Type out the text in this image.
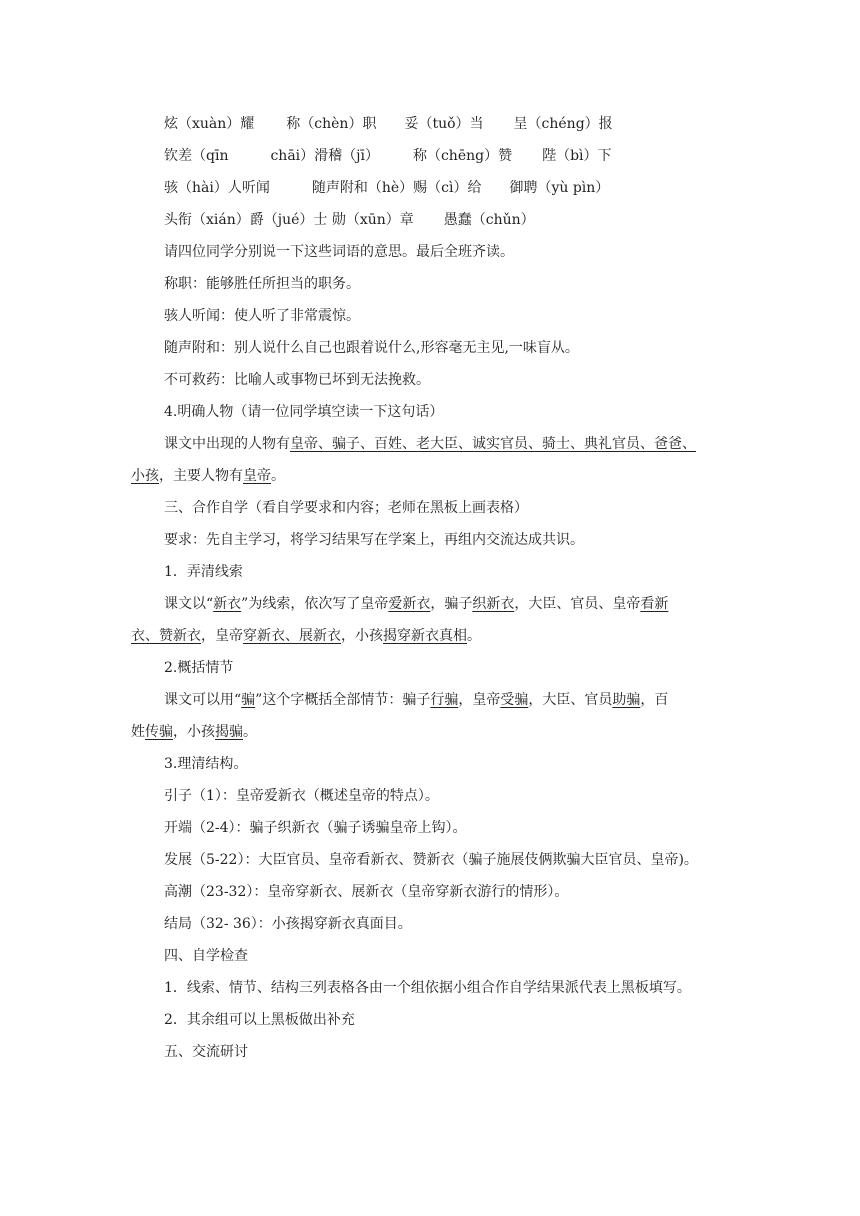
炫（xuàn）耀 称（chèn）职 妥（tuǒ）当 呈（chéng）报
钦差（qīn	chāi）滑稽（jī） 称（chēng）赞 陛（bì）下
骇（hài）人听闻	随声附和（hè）赐（cì）给 御聘（yù pìn）
头衔（xián）爵（jué）士 勋（xūn）章 愚蠢（chǔn）
请四位同学分别说一下这些词语的意思。最后全班齐读。
称职：能够胜任所担当的职务。
骇人听闻：使人听了非常震惊。
随声附和：别人说什么自己也跟着说什么,形容毫无主见,一味盲从。
不可救药：比喻人或事物已坏到无法挽救。
4.明确人物（请一位同学填空读一下这句话）
课文中出现的人物有皇帝、骗子、百姓、老大臣、诚实官员、骑士、典礼官员、爸爸、
小孩，主要人物有皇帝。
三、合作自学（看自学要求和内容；老师在黑板上画表格）
要求：先自主学习，将学习结果写在学案上，再组内交流达成共识。
1．弄清线索
课文以“新衣”为线索，依次写了皇帝爱新衣，骗子织新衣，大臣、官员、皇帝看新
衣、赞新衣，皇帝穿新衣、展新衣，小孩揭穿新衣真相。
2.概括情节
课文可以用“骗”这个字概括全部情节：骗子行骗，皇帝受骗，大臣、官员助骗，百
姓传骗，小孩揭骗。
3.理清结构。
引子（1）：皇帝爱新衣（概述皇帝的特点）。
开端（2-4）：骗子织新衣（骗子诱骗皇帝上钩）。
发展（5-22）：大臣官员、皇帝看新衣、赞新衣（骗子施展伎俩欺骗大臣官员、皇帝)。
高潮（23-32）：皇帝穿新衣、展新衣（皇帝穿新衣游行的情形）。
结局（32- 36）：小孩揭穿新衣真面目。
四、自学检查
1．线索、情节、结构三列表格各由一个组依据小组合作自学结果派代表上黑板填写。
2．其余组可以上黑板做出补充
五、交流研讨
